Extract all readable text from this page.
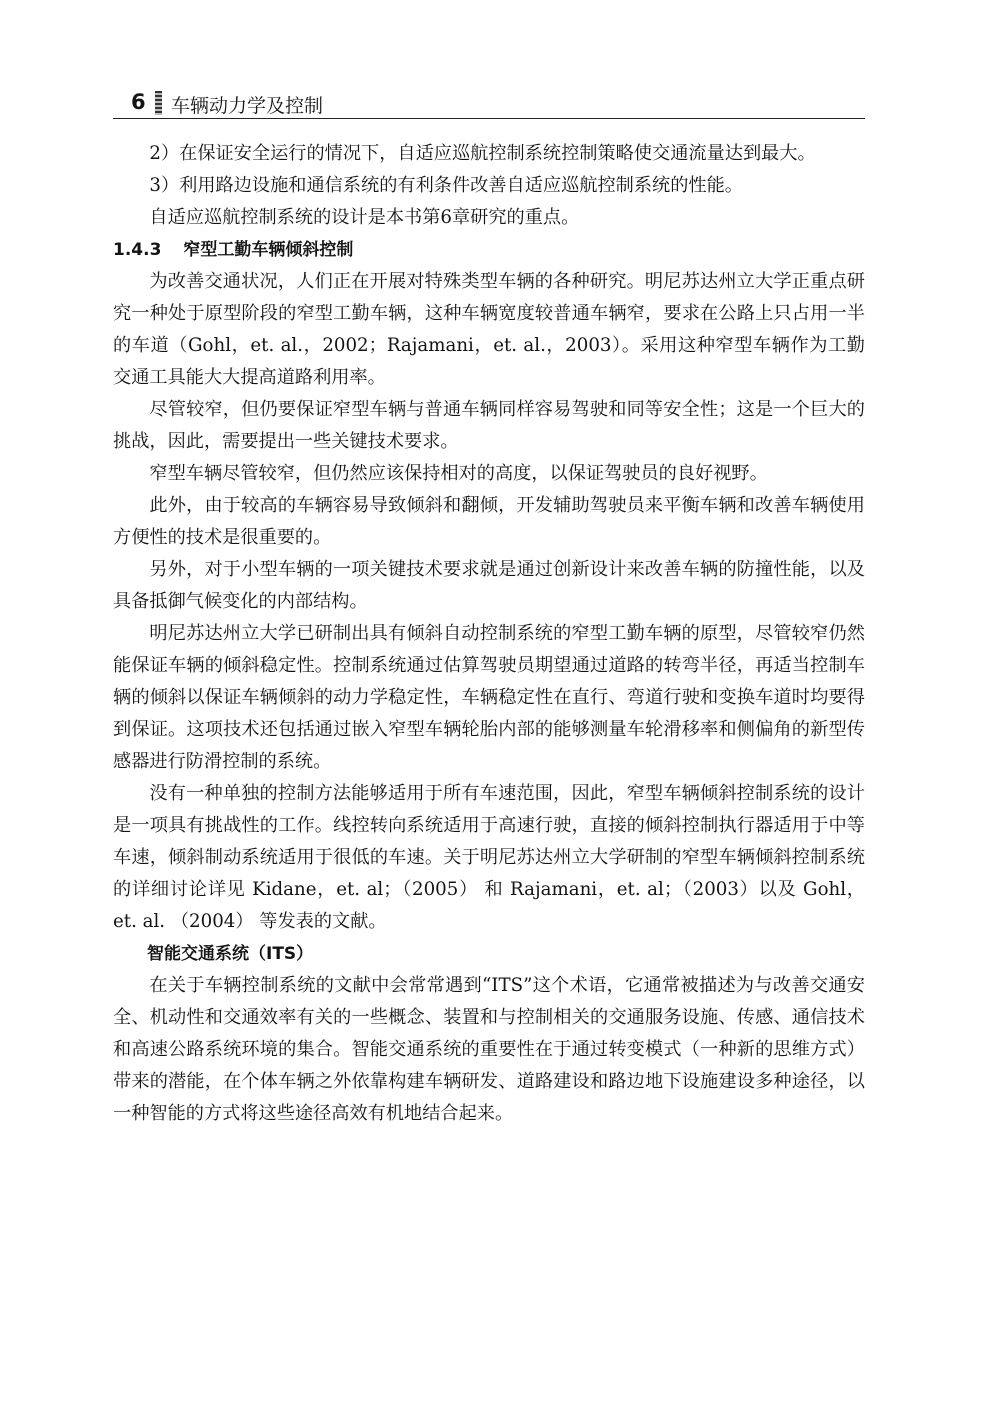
6 车辆动力学及控制

2）在保证安全运行的情况下，自适应巡航控制系统控制策略使交通流量达到最大。

3）利用路边设施和通信系统的有利条件改善自适应巡航控制系统的性能。

自适应巡航控制系统的设计是本书第6章研究的重点。

1.4.3 窄型工勤车辆倾斜控制

为改善交通状况，人们正在开展对特殊类型车辆的各种研究。明尼苏达州立大学正重点研究一种处于原型阶段的窄型工勤车辆，这种车辆宽度较普通车辆窄，要求在公路上只占用一半的车道（Gohl，et. al.，2002；Rajamani，et. al.，2003）。采用这种窄型车辆作为工勤交通工具能大大提高道路利用率。

尽管较窄，但仍要保证窄型车辆与普通车辆同样容易驾驶和同等安全性；这是一个巨大的挑战，因此，需要提出一些关键技术要求。

窄型车辆尽管较窄，但仍然应该保持相对的高度，以保证驾驶员的良好视野。

此外，由于较高的车辆容易导致倾斜和翻倾，开发辅助驾驶员来平衡车辆和改善车辆使用方便性的技术是很重要的。

另外，对于小型车辆的一项关键技术要求就是通过创新设计来改善车辆的防撞性能，以及具备抵御气候变化的内部结构。

明尼苏达州立大学已研制出具有倾斜自动控制系统的窄型工勤车辆的原型，尽管较窄仍然能保证车辆的倾斜稳定性。控制系统通过估算驾驶员期望通过道路的转弯半径，再适当控制车辆的倾斜以保证车辆倾斜的动力学稳定性，车辆稳定性在直行、弯道行驶和变换车道时均要得到保证。这项技术还包括通过嵌入窄型车辆轮胎内部的能够测量车轮滑移率和侧偏角的新型传感器进行防滑控制的系统。

没有一种单独的控制方法能够适用于所有车速范围，因此，窄型车辆倾斜控制系统的设计是一项具有挑战性的工作。线控转向系统适用于高速行驶，直接的倾斜控制执行器适用于中等车速，倾斜制动系统适用于很低的车速。关于明尼苏达州立大学研制的窄型车辆倾斜控制系统的详细讨论详见 Kidane，et. al；（2005） 和 Rajamani，et. al；（2003）以及 Gohl，et. al. （2004） 等发表的文献。

智能交通系统（ITS）

在关于车辆控制系统的文献中会常常遇到“ITS”这个术语，它通常被描述为与改善交通安全、机动性和交通效率有关的一些概念、装置和与控制相关的交通服务设施、传感、通信技术和高速公路系统环境的集合。智能交通系统的重要性在于通过转变模式（一种新的思维方式）带来的潜能，在个体车辆之外依靠构建车辆研发、道路建设和路边地下设施建设多种途径，以一种智能的方式将这些途径高效有机地结合起来。
